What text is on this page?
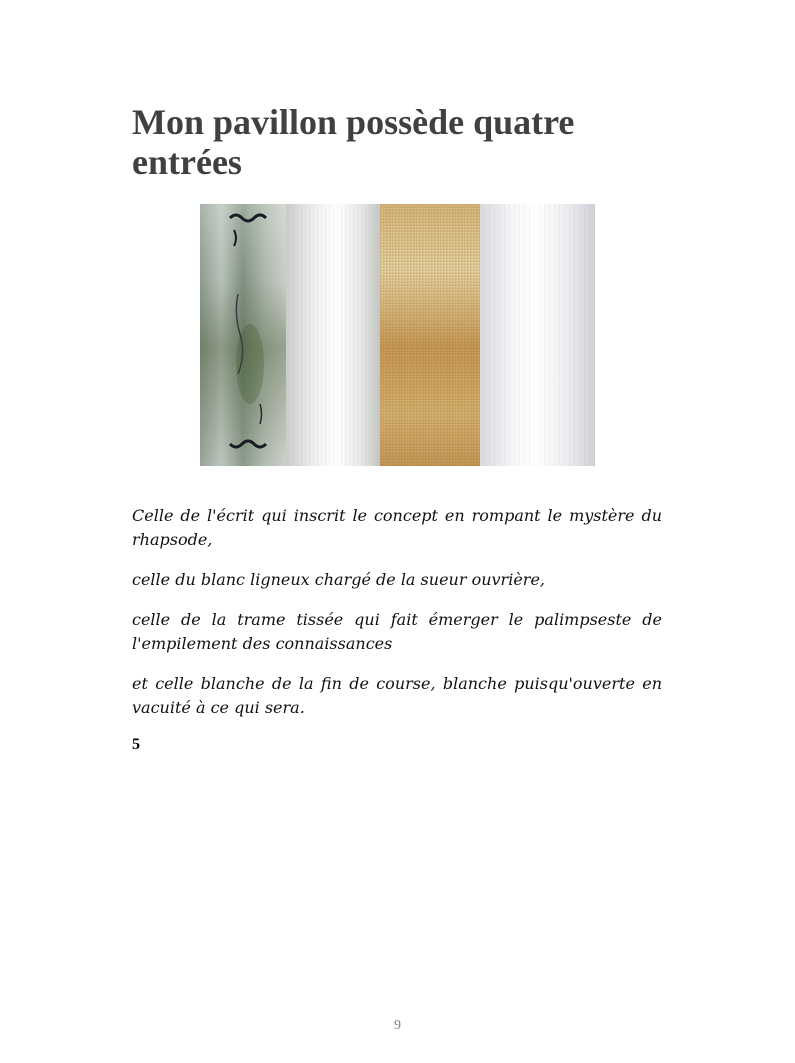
Mon pavillon possède quatre entrées

Celle de l'écrit qui inscrit le concept en rompant le mystère du rhapsode,

celle du blanc ligneux chargé de la sueur ouvrière,

celle de la trame tissée qui fait émerger le palimpseste de l'empilement des connaissances

et celle blanche de la fin de course, blanche puisqu'ouverte en vacuité à ce qui sera.

5
9
